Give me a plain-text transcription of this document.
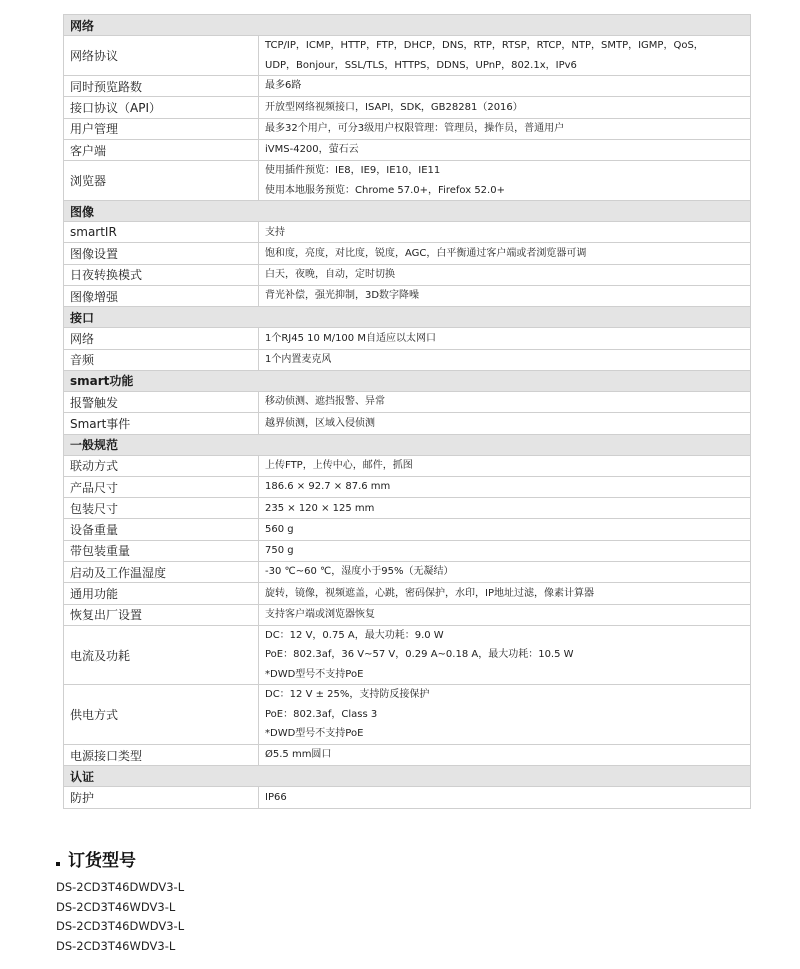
网络	
网络协议	TCP/IP，ICMP，HTTP，FTP，DHCP，DNS，RTP，RTSP，RTCP，NTP，SMTP，IGMP，QoS，
UDP，Bonjour，SSL/TLS，HTTPS，DDNS，UPnP，802.1x，IPv6

同时预览路数	最多6路

接口协议（API）	开放型网络视频接口，ISAPI，SDK，GB28281（2016）

用户管理	最多32个用户，可分3级用户权限管理：管理员，操作员，普通用户

客户端	iVMS-4200，萤石云

浏览器	使用插件预览：IE8，IE9，IE10，IE11
使用本地服务预览：Chrome 57.0+，Firefox 52.0+

图像	
smartIR	支持

图像设置	饱和度，亮度，对比度，锐度，AGC，白平衡通过客户端或者浏览器可调

日夜转换模式	白天，夜晚，自动，定时切换

图像增强	背光补偿，强光抑制，3D数字降噪

接口	
网络	1个RJ45 10 M/100 M自适应以太网口

音频	1个内置麦克风

smart功能	
报警触发	移动侦测、遮挡报警、异常

Smart事件	越界侦测，区域入侵侦测

一般规范	
联动方式	上传FTP，上传中心，邮件，抓图

产品尺寸	186.6 × 92.7 × 87.6 mm

包装尺寸	235 × 120 × 125 mm

设备重量	560 g

带包装重量	750 g

启动及工作温湿度	-30 ℃~60 ℃，湿度小于95%（无凝结）

通用功能	旋转，镜像，视频遮盖，心跳，密码保护，水印，IP地址过滤，像素计算器

恢复出厂设置	支持客户端或浏览器恢复

电流及功耗	DC：12 V，0.75 A，最大功耗：9.0 W
PoE：802.3af，36 V~57 V，0.29 A~0.18 A，最大功耗：10.5 W
*DWD型号不支持PoE

供电方式	DC：12 V ± 25%，支持防反接保护
PoE：802.3af，Class 3
*DWD型号不支持PoE

电源接口类型	Ø5.5 mm圆口

认证	
防护	IP66
订货型号
DS-2CD3T46DWDV3-L
DS-2CD3T46WDV3-L
DS-2CD3T46DWDV3-L
DS-2CD3T46WDV3-L
